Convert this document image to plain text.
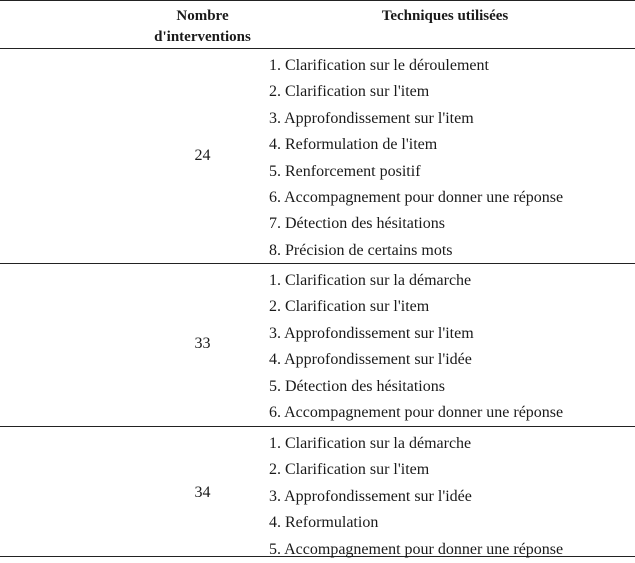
Nombre
d'interventions
Techniques utilisées
24
1. Clarification sur le déroulement
2. Clarification sur l'item
3. Approfondissement sur l'item
4. Reformulation de l'item
5. Renforcement positif
6. Accompagnement pour donner une réponse
7. Détection des hésitations
8. Précision de certains mots
33
1. Clarification sur la démarche
2. Clarification sur l'item
3. Approfondissement sur l'item
4. Approfondissement sur l'idée
5. Détection des hésitations
6. Accompagnement pour donner une réponse
34
1. Clarification sur la démarche
2. Clarification sur l'item
3. Approfondissement sur l'idée
4. Reformulation
5. Accompagnement pour donner une réponse
